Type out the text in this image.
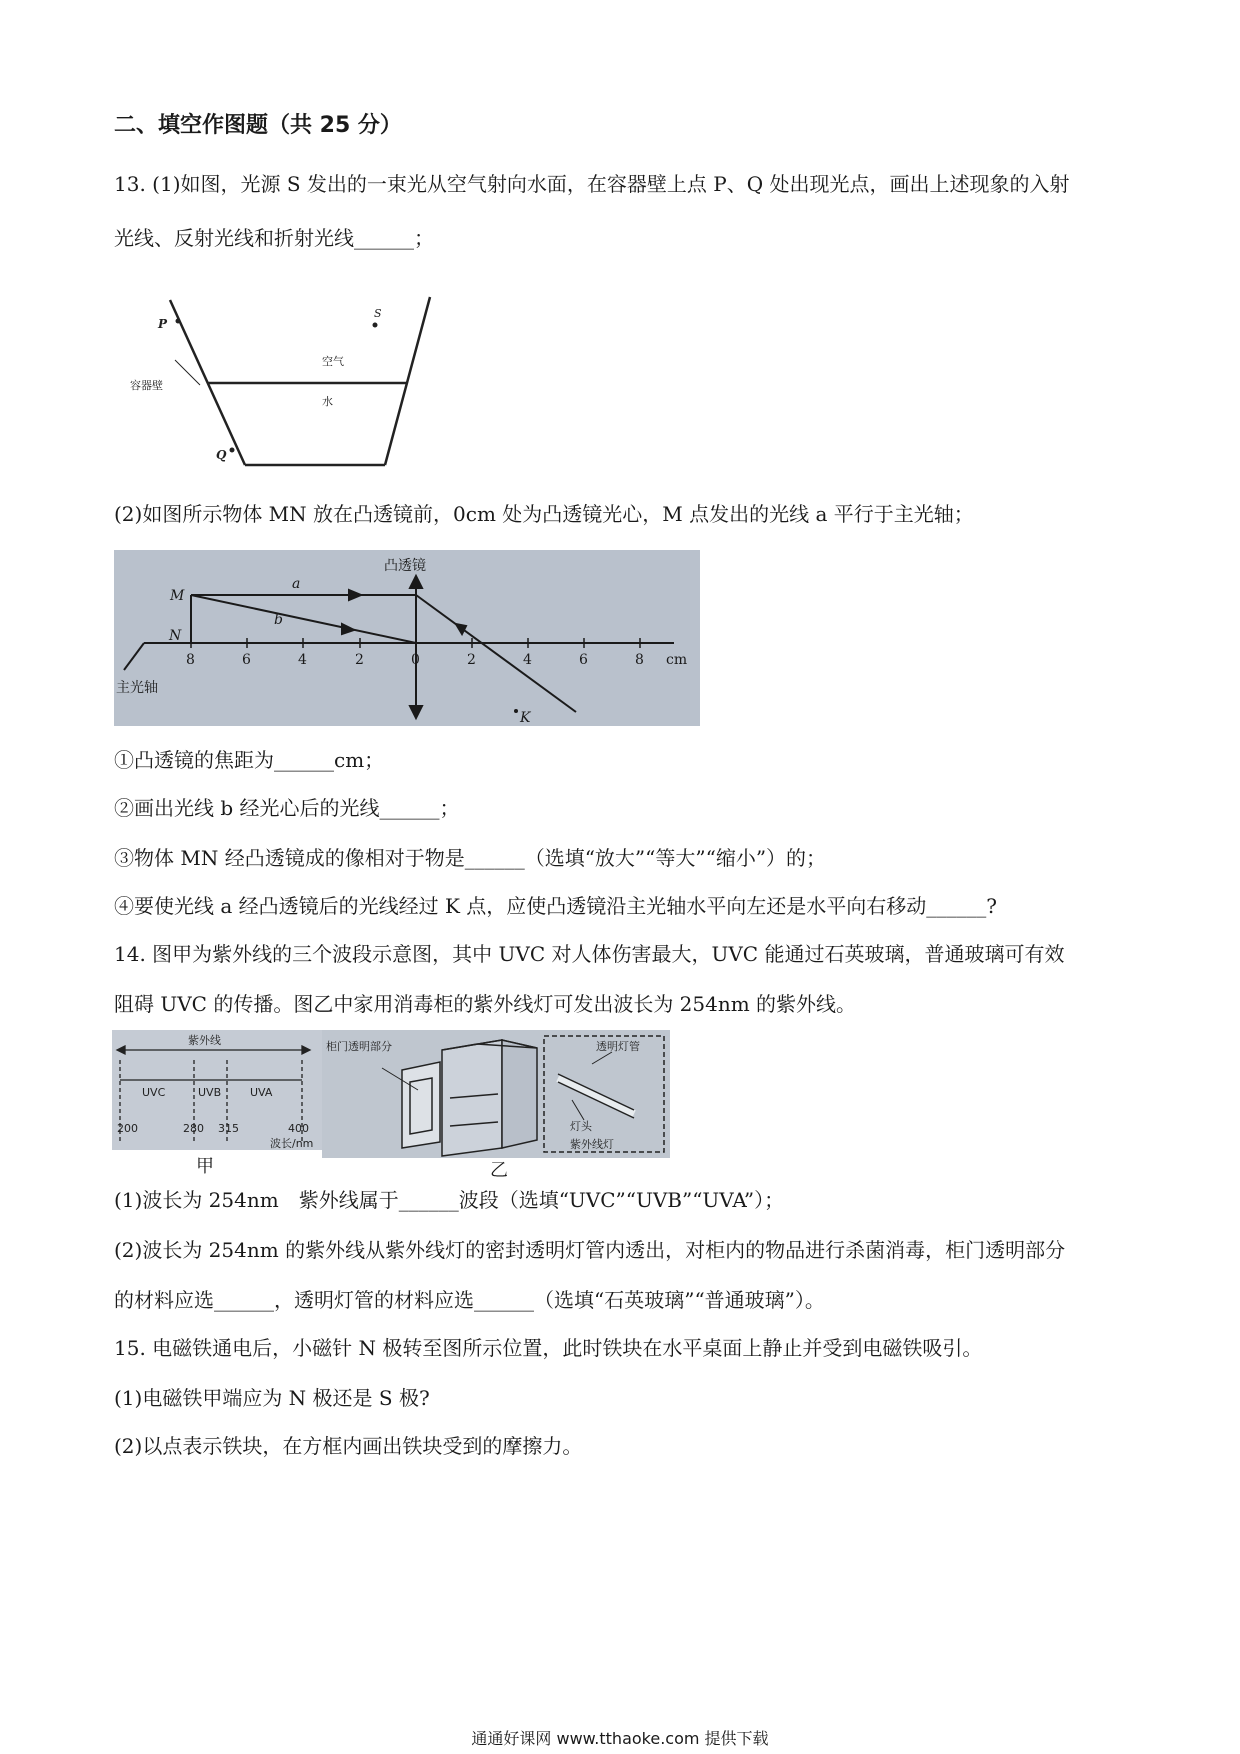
二、填空作图题（共 25 分）
13. (1)如图，光源 S 发出的一束光从空气射向水面，在容器壁上点 P、Q 处出现光点，画出上述现象的入射
光线、反射光线和折射光线______；
P
S
Q
空气
水
容器壁
(2)如图所示物体 MN 放在凸透镜前，0cm 处为凸透镜光心，M 点发出的光线 a 平行于主光轴；
8	6	4	2	0	2	4	6	8 cm
凸透镜
M
N
a
b
K
主光轴
①凸透镜的焦距为______cm；
②画出光线 b 经光心后的光线______；
③物体 MN 经凸透镜成的像相对于物是______（选填“放大”“等大”“缩小”）的；
④要使光线 a 经凸透镜后的光线经过 K 点，应使凸透镜沿主光轴水平向左还是水平向右移动______?
14. 图甲为紫外线的三个波段示意图，其中 UVC 对人体伤害最大，UVC 能通过石英玻璃，普通玻璃可有效
阻碍 UVC 的传播。图乙中家用消毒柜的紫外线灯可发出波长为 254nm 的紫外线。
紫外线
UVC	UVB	UVA
200	280 315	400
波长/nm
甲
柜门透明部分	透明灯管
灯头
紫外线灯
乙
(1)波长为 254nm　紫外线属于______波段（选填“UVC”“UVB”“UVA”）；
(2)波长为 254nm 的紫外线从紫外线灯的密封透明灯管内透出，对柜内的物品进行杀菌消毒，柜门透明部分
的材料应选______，透明灯管的材料应选______（选填“石英玻璃”“普通玻璃”）。
15. 电磁铁通电后，小磁针 N 极转至图所示位置，此时铁块在水平桌面上静止并受到电磁铁吸引。
(1)电磁铁甲端应为 N 极还是 S 极?
(2)以点表示铁块，在方框内画出铁块受到的摩擦力。
通通好课网 www.tthaoke.com 提供下载
